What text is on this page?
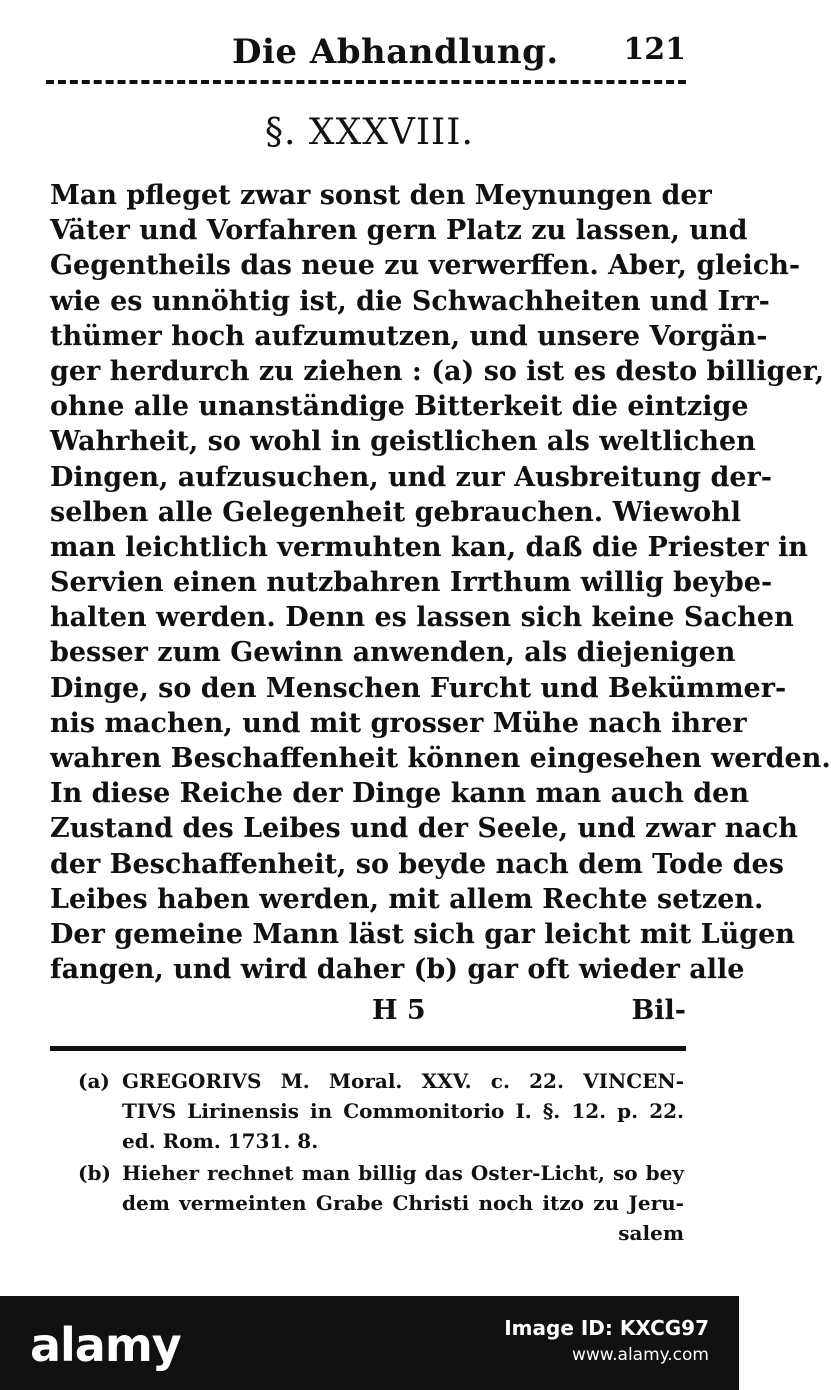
Die Abhandlung. 121
§. XXXVIII.
Man pfleget zwar sonst den Meynungen der
Väter und Vorfahren gern Platz zu lassen, und
Gegentheils das neue zu verwerffen. Aber, gleich-
wie es unnöhtig ist, die Schwachheiten und Irr-
thümer hoch aufzumutzen, und unsere Vorgän-
ger herdurch zu ziehen : (a) so ist es desto billiger,
ohne alle unanständige Bitterkeit die eintzige
Wahrheit, so wohl in geistlichen als weltlichen
Dingen, aufzusuchen, und zur Ausbreitung der-
selben alle Gelegenheit gebrauchen. Wiewohl
man leichtlich vermuhten kan, daß die Priester in
Servien einen nutzbahren Irrthum willig beybe-
halten werden. Denn es lassen sich keine Sachen
besser zum Gewinn anwenden, als diejenigen
Dinge, so den Menschen Furcht und Bekümmer-
nis machen, und mit grosser Mühe nach ihrer
wahren Beschaffenheit können eingesehen werden.
In diese Reiche der Dinge kann man auch den
Zustand des Leibes und der Seele, und zwar nach
der Beschaffenheit, so beyde nach dem Tode des
Leibes haben werden, mit allem Rechte setzen.
Der gemeine Mann läst sich gar leicht mit Lügen
fangen, und wird daher (b) gar oft wieder alle
H 5	Bil-
(a) GREGORIVS M. Moral. XXV. c. 22. VINCEN-
TIVS Lirinensis in Commonitorio I. §. 12. p. 22.
ed. Rom. 1731. 8.
(b) Hieher rechnet man billig das Oster-Licht, so bey
dem vermeinten Grabe Christi noch itzo zu Jeru-
salem
alamy	Image ID: KXCG97
www.alamy.com
